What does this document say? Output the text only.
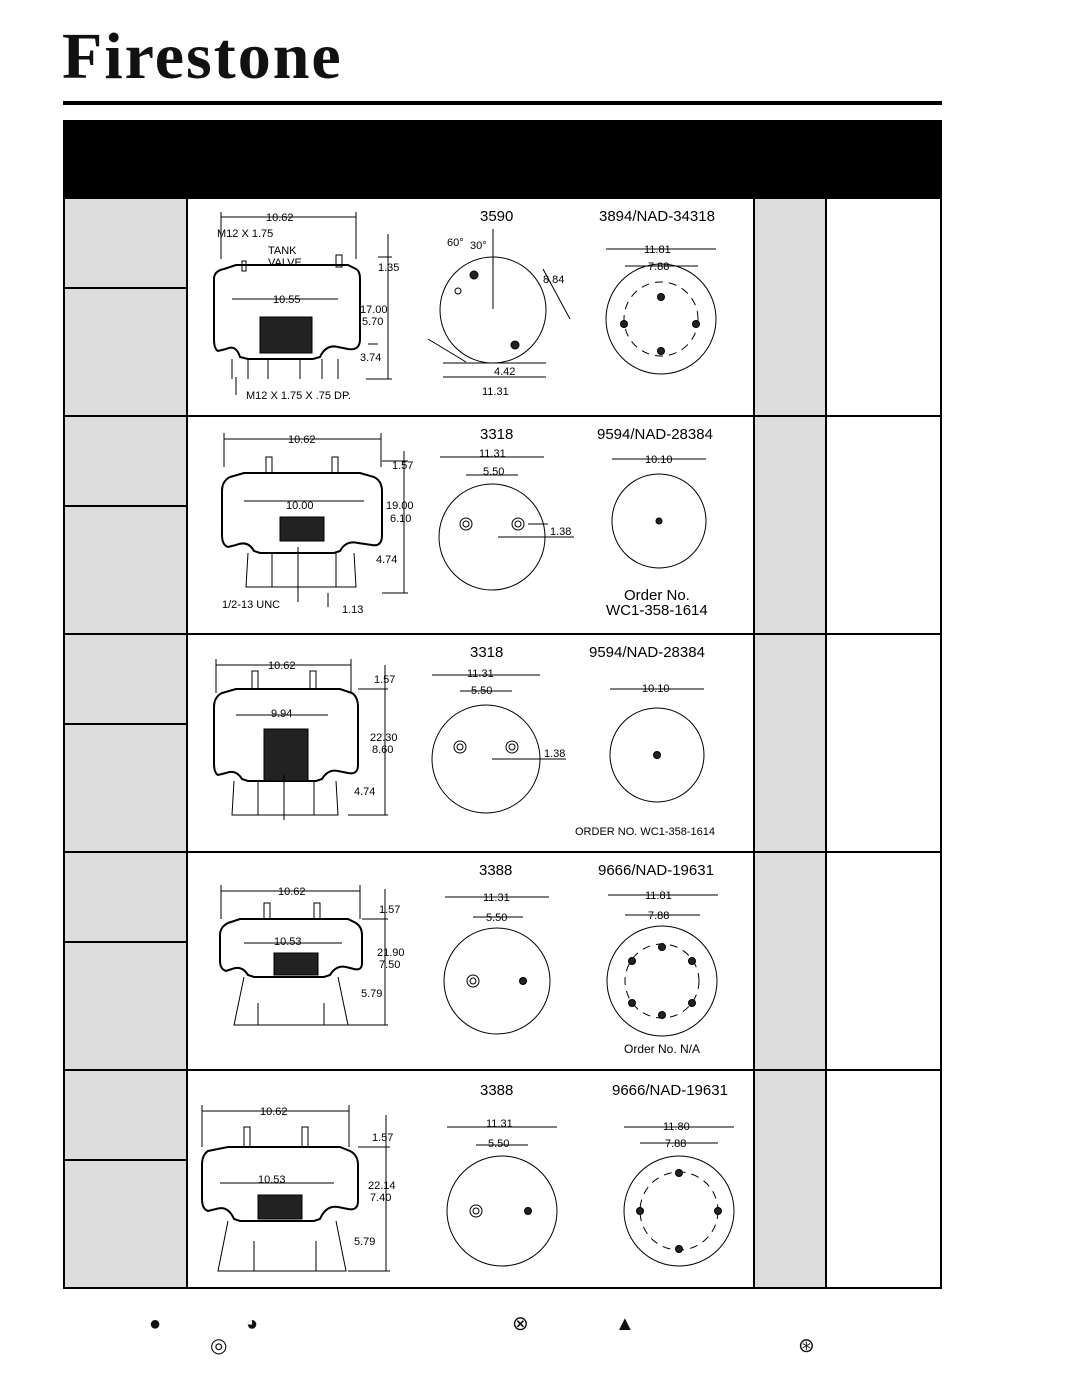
Firestone
10.62
M12 X 1.75
TANK
VALVE	1.35
10.55
17.00
5.70
3.74
M12 X 1.75 X .75 DP.
3590
60° 30°
8.84
4.42
11.31
3894/NAD-34318
11.81
7.88
10.62
1.57
10.00	19.00
6.10
4.74
1/2-13 UNC	1.13
3318
11.31
5.50
1.38
9594/NAD-28384
10.10
Order No.
WC1-358-1614
10.62
1.57
9.94
22.30
8.60
4.74
3318
11.31
5.50
1.38
9594/NAD-28384
10.10
ORDER NO. WC1-358-1614
10.62
1.57
10.53
21.90
7.50
5.79
3388
11.31
5.50
9666/NAD-19631
11.81
7.88
Order No. N/A
10.62
1.57
10.53	22.14
7.40
5.79
3388
11.31
5.50
9666/NAD-19631
11.80
7.88
●	◕	⊗	▲
◎	⊛
